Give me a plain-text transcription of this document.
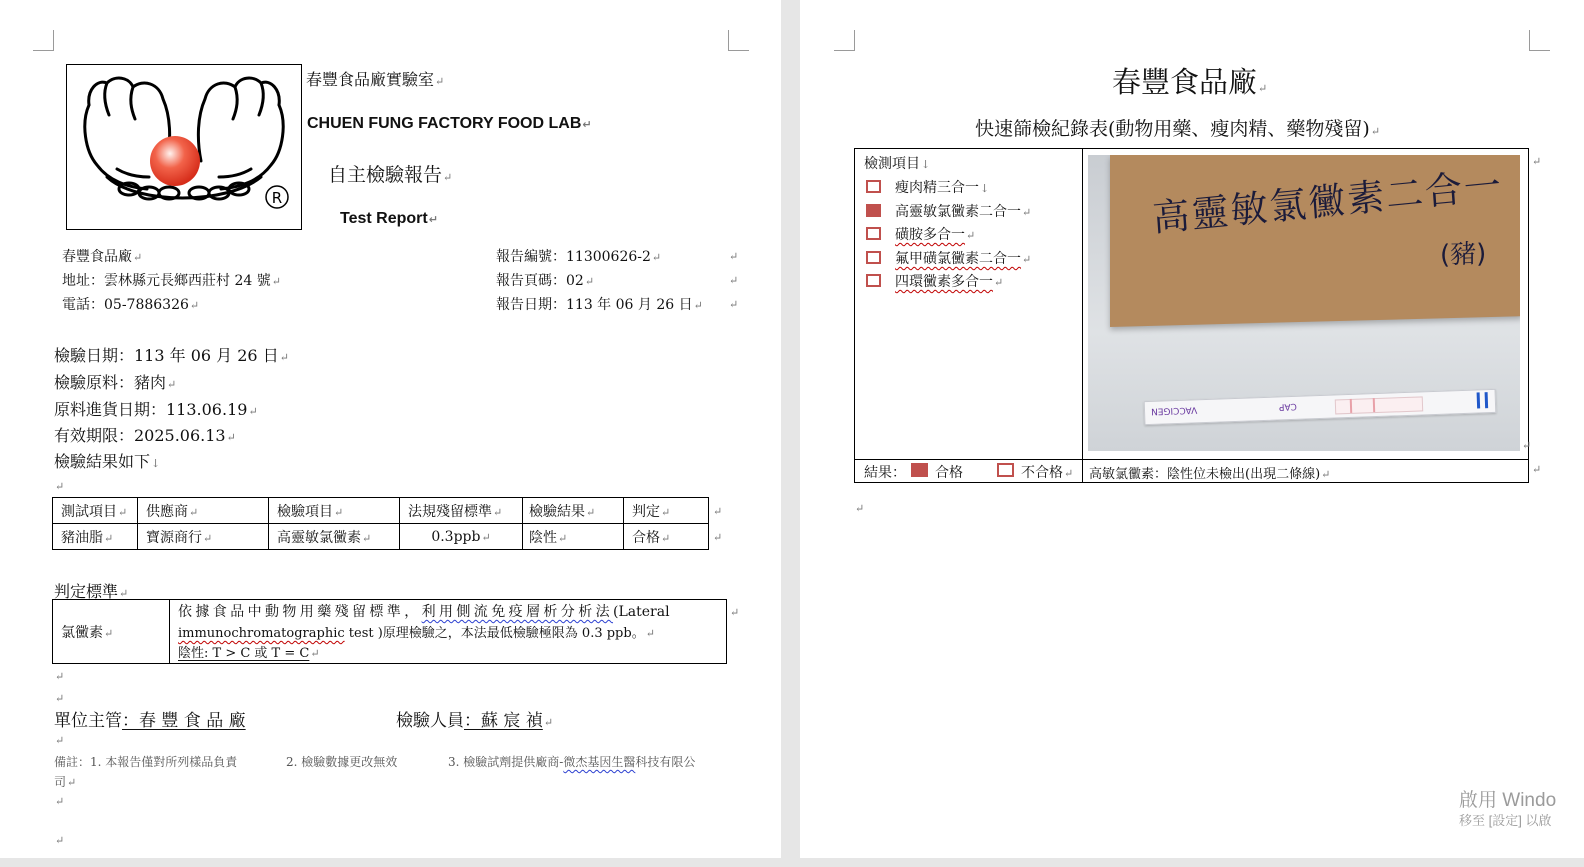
R
春豐食品廠實驗室↵
CHUEN FUNG FACTORY FOOD LAB↵
自主檢驗報告↵
Test Report↵
春豐食品廠↵
地址：雲林縣元長鄉西莊村 24 號↵
電話：05-7886326↵
報告編號：11300626-2↵
報告頁碼：02↵
報告日期：113 年 06 月 26 日↵
↵
↵
↵
檢驗日期：113 年 06 月 26 日↵
檢驗原料：豬肉↵
原料進貨日期：113.06.19↵
有效期限：2025.06.13↵
檢驗結果如下↓
↵
測試項目↵	供應商↵	檢驗項目↵	法規殘留標準↵	檢驗結果↵	判定↵
豬油脂↵	寶源商行↵	高靈敏氯黴素↵	0.3ppb↵	陰性↵	合格↵
↵
↵
判定標準↵
氯黴素↵	
依據食品中動物用藥殘留標準，利用側流免疫層析分析法(Lateral
immunochromatographic test )原理檢驗之，本法最低檢驗極限為 0.3 ppb。↵
陰性: T > C 或 T = C↵
↵
↵
↵
單位主管：春 豐 食 品 廠	檢驗人員：蘇 宸 禎↵
↵
備註：1. 本報告僅對所列樣品負責	2. 檢驗數據更改無效	3. 檢驗試劑提供廠商-微杰基因生醫科技有限公
司↵
↵
↵
春豐食品廠↵
快速篩檢紀錄表(動物用藥、瘦肉精、藥物殘留)↵
檢測項目↓
瘦肉精三合一↓
高靈敏氯黴素二合一↵
磺胺多合一↵
氟甲磺氯黴素二合一↵
四環黴素多合一↵
高靈敏氯黴素二合一
(豬)
VACCIGEN	CAP
↵
結果： 合格	不合格↵ 高敏氯黴素：陰性位未檢出(出現二條線)↵
↵
↵
↵
啟用 Windo
移至 [設定] 以啟
